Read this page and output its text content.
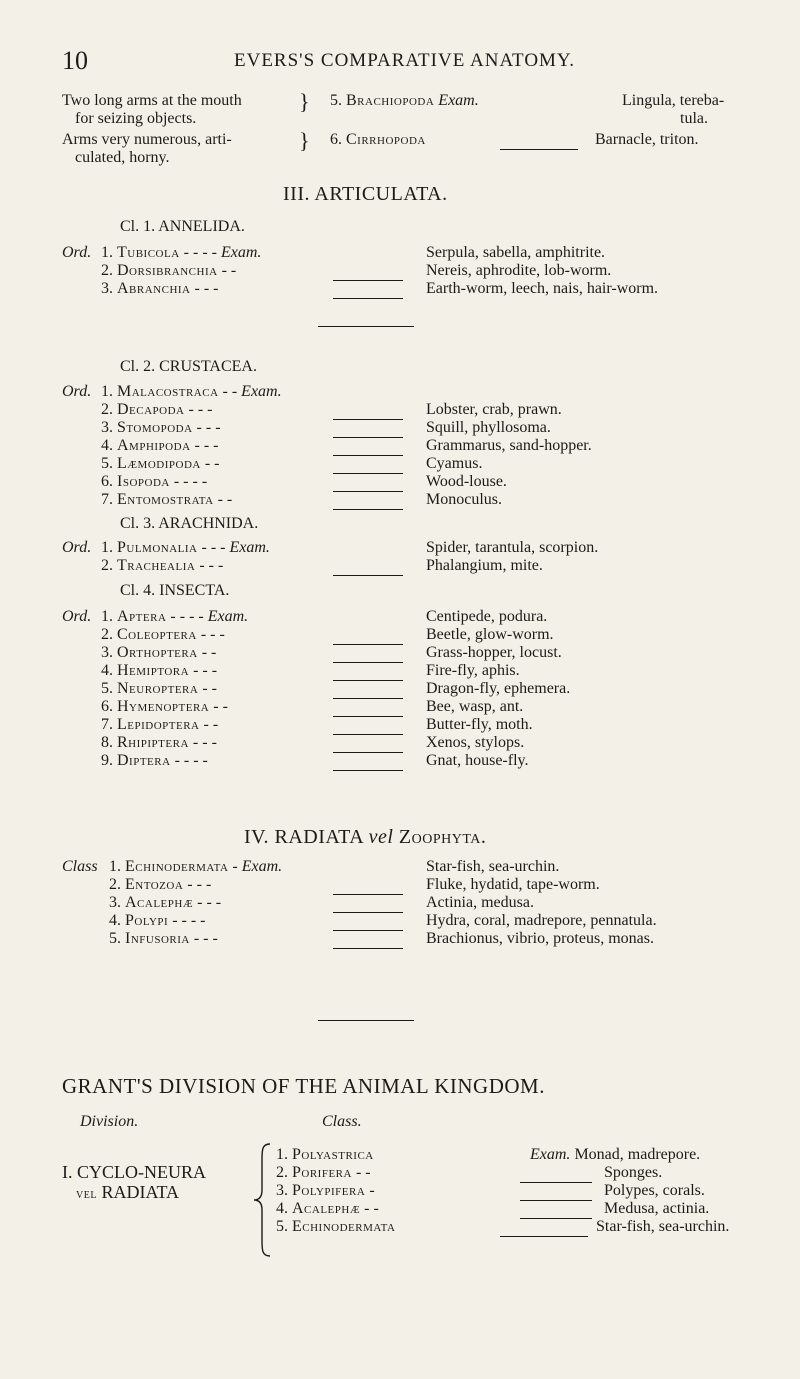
10	EVERS'S COMPARATIVE ANATOMY.
Two long arms at the mouth
for seizing objects.
}
Arms very numerous, arti-
culated, horny.
}
5. Brachiopoda Exam.	Lingula, tereba-
tula.
6. Cirrhopoda	Barnacle, triton.
III. ARTICULATA.
Cl. 1. ANNELIDA.
Ord. 1. Tubicola - - - - Exam.	Serpula, sabella, amphitrite.
2. Dorsibranchia - -	Nereis, aphrodite, lob-worm.
3. Abranchia - - -	Earth-worm, leech, nais, hair-worm.
Cl. 2. CRUSTACEA.
Ord. 1. Malacostraca - - Exam.
2. Decapoda - - -	Lobster, crab, prawn.
3. Stomopoda - - -	Squill, phyllosoma.
4. Amphipoda - - -	Grammarus, sand-hopper.
5. Læmodipoda - -	Cyamus.
6. Isopoda - - - -	Wood-louse.
7. Entomostrata - -	Monoculus.
Cl. 3. ARACHNIDA.
Ord. 1. Pulmonalia - - - Exam.	Spider, tarantula, scorpion.
2. Trachealia - - -	Phalangium, mite.
Cl. 4. INSECTA.
Ord. 1. Aptera - - - - Exam.	Centipede, podura.
2. Coleoptera - - -	Beetle, glow-worm.
3. Orthoptera - -	Grass-hopper, locust.
4. Hemiptora - - -	Fire-fly, aphis.
5. Neuroptera - -	Dragon-fly, ephemera.
6. Hymenoptera - -	Bee, wasp, ant.
7. Lepidoptera - -	Butter-fly, moth.
8. Rhipiptera - - -	Xenos, stylops.
9. Diptera - - - -	Gnat, house-fly.
IV. RADIATA vel Zoophyta.
Class 1. Echinodermata - Exam.	Star-fish, sea-urchin.
2. Entozoa - - -	Fluke, hydatid, tape-worm.
3. Acalephæ - - -	Actinia, medusa.
4. Polypi - - - -	Hydra, coral, madrepore, pennatula.
5. Infusoria - - -	Brachionus, vibrio, proteus, monas.
GRANT'S DIVISION OF THE ANIMAL KINGDOM.
Division.	Class.
I. CYCLO-NEURA
vel RADIATA
1. Polyastrica	Exam. Monad, madrepore.
2. Porifera - -	Sponges.
3. Polypifera -	Polypes, corals.
4. Acalephæ - -	Medusa, actinia.
5. Echinodermata	Star-fish, sea-urchin.
